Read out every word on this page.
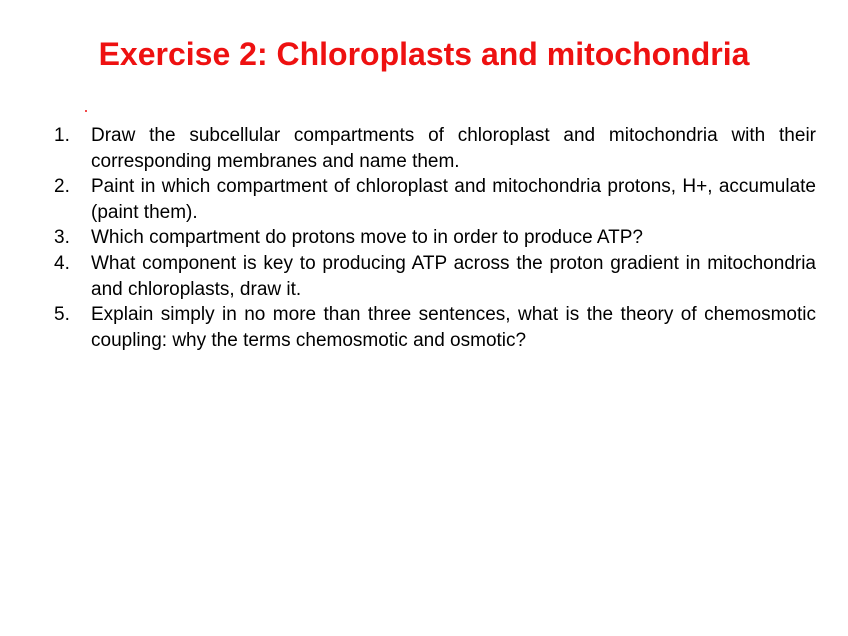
Exercise 2: Chloroplasts and mitochondria
1.	Draw the subcellular compartments of chloroplast and mitochondria with their corresponding membranes and name them.
2.	Paint in which compartment of chloroplast and mitochondria protons, H+, accumulate (paint them).
3.	Which compartment do protons move to in order to produce ATP?
4.	What component is key to producing ATP across the proton gradient in mitochondria and chloroplasts, draw it.
5.	Explain simply in no more than three sentences, what is the theory of chemosmotic coupling: why the terms chemosmotic and osmotic?
